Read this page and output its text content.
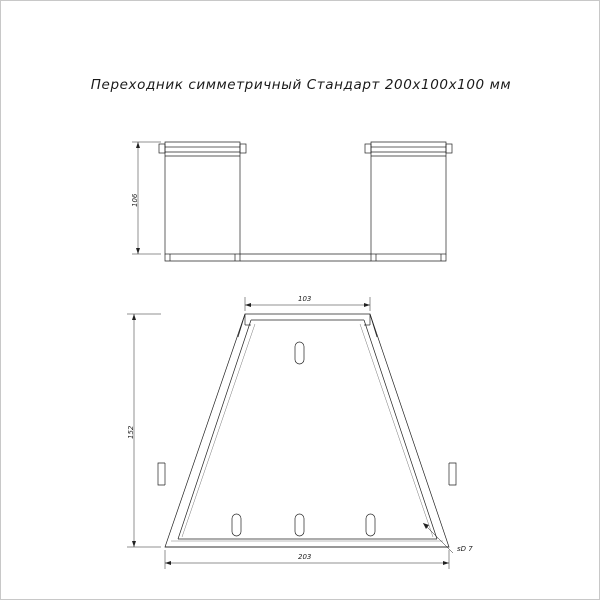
Переходник симметричный Стандарт 200х100х100 мм
106
103
152
203
sD 7
